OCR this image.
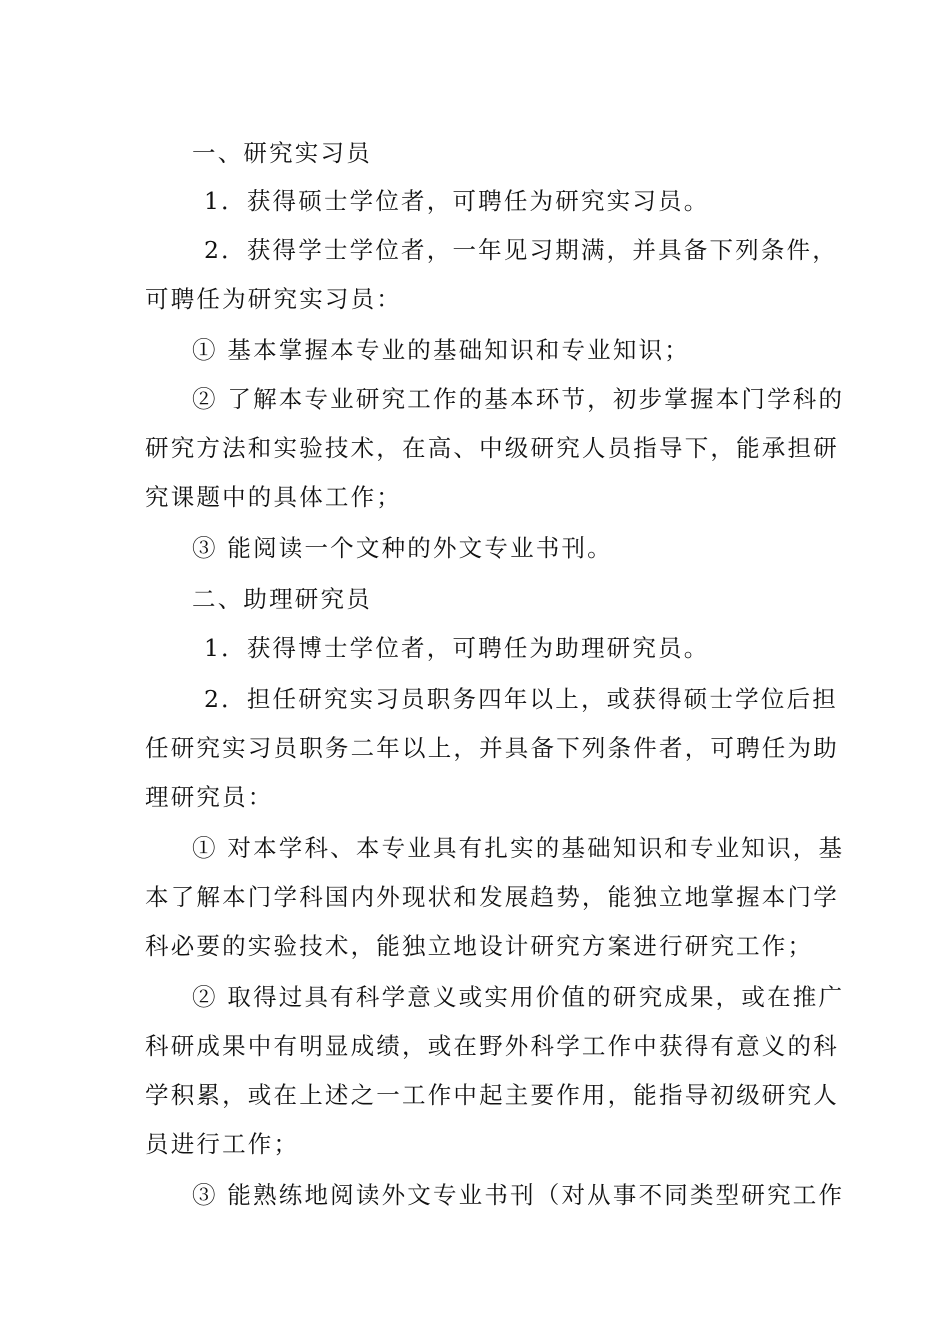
一、研究实习员
1．获得硕士学位者，可聘任为研究实习员。
2．获得学士学位者，一年见习期满，并具备下列条件，
可聘任为研究实习员：
① 基本掌握本专业的基础知识和专业知识；
② 了解本专业研究工作的基本环节，初步掌握本门学科的
研究方法和实验技术，在高、中级研究人员指导下，能承担研
究课题中的具体工作；
③ 能阅读一个文种的外文专业书刊。
二、助理研究员
1．获得博士学位者，可聘任为助理研究员。
2．担任研究实习员职务四年以上，或获得硕士学位后担
任研究实习员职务二年以上，并具备下列条件者，可聘任为助
理研究员：
① 对本学科、本专业具有扎实的基础知识和专业知识，基
本了解本门学科国内外现状和发展趋势，能独立地掌握本门学
科必要的实验技术，能独立地设计研究方案进行研究工作；
② 取得过具有科学意义或实用价值的研究成果，或在推广
科研成果中有明显成绩，或在野外科学工作中获得有意义的科
学积累，或在上述之一工作中起主要作用，能指导初级研究人
员进行工作；
③ 能熟练地阅读外文专业书刊（对从事不同类型研究工作
